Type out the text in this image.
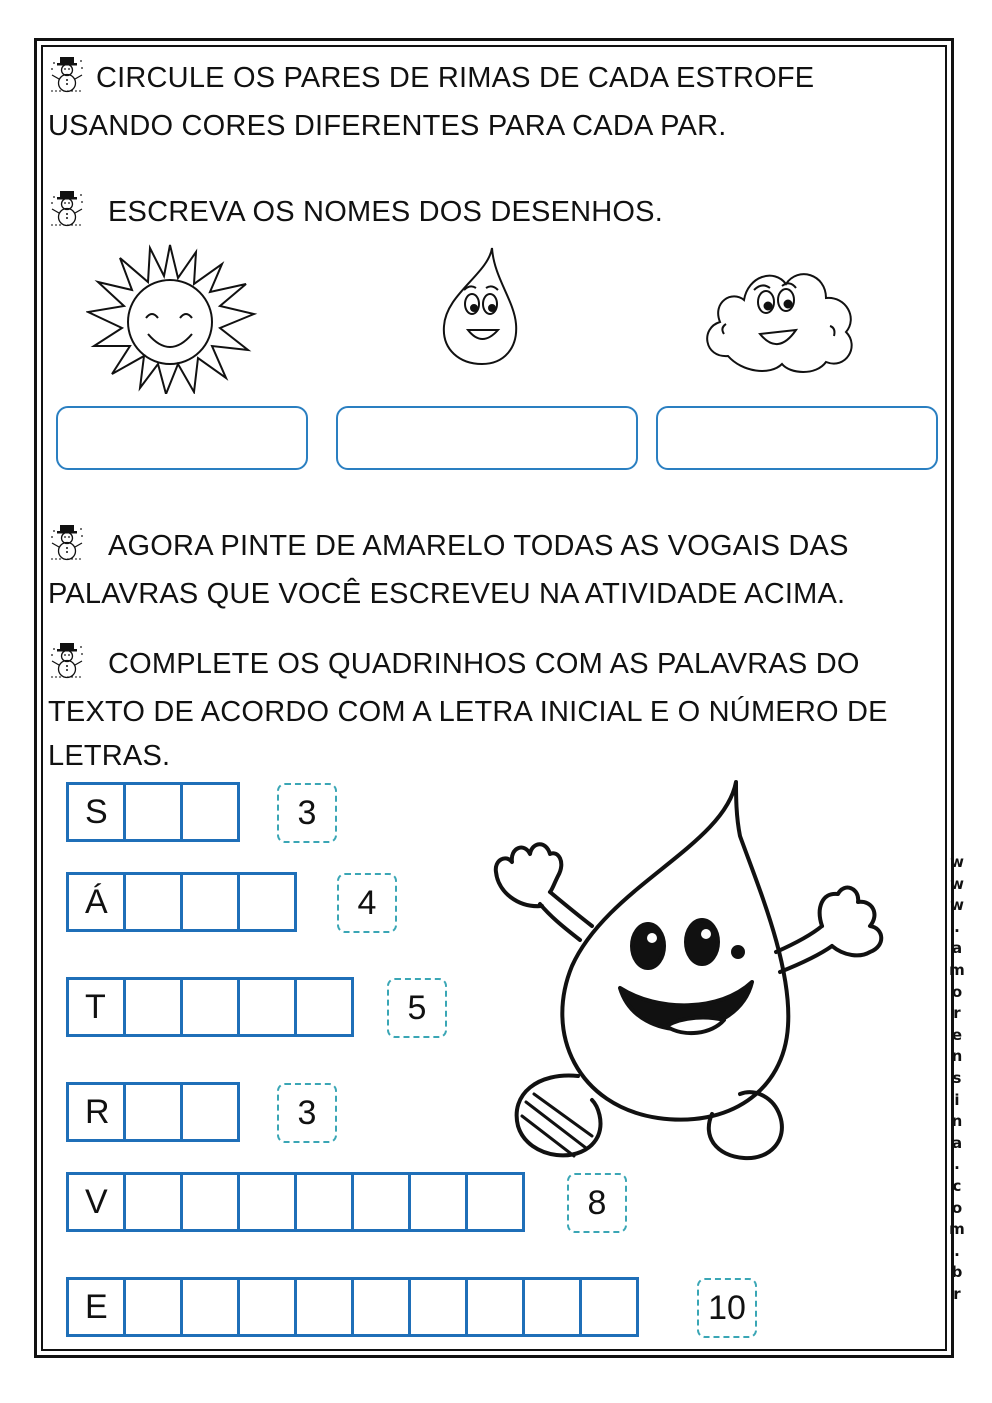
CIRCULE OS PARES DE RIMAS DE CADA ESTROFE
USANDO CORES DIFERENTES PARA CADA PAR.
ESCREVA OS NOMES DOS DESENHOS.
AGORA PINTE DE AMARELO TODAS AS VOGAIS DAS
PALAVRAS QUE VOCÊ ESCREVEU NA ATIVIDADE ACIMA.
COMPLETE OS QUADRINHOS COM AS PALAVRAS DO
TEXTO DE ACORDO COM A LETRA INICIAL E O NÚMERO DE
LETRAS.
S	3
Á	4
T	5
R	3
V	8
E	10
w
w
w
.
a
m
o
r
e
n
s
i
n
a
.
c
o
m
.
b
r
